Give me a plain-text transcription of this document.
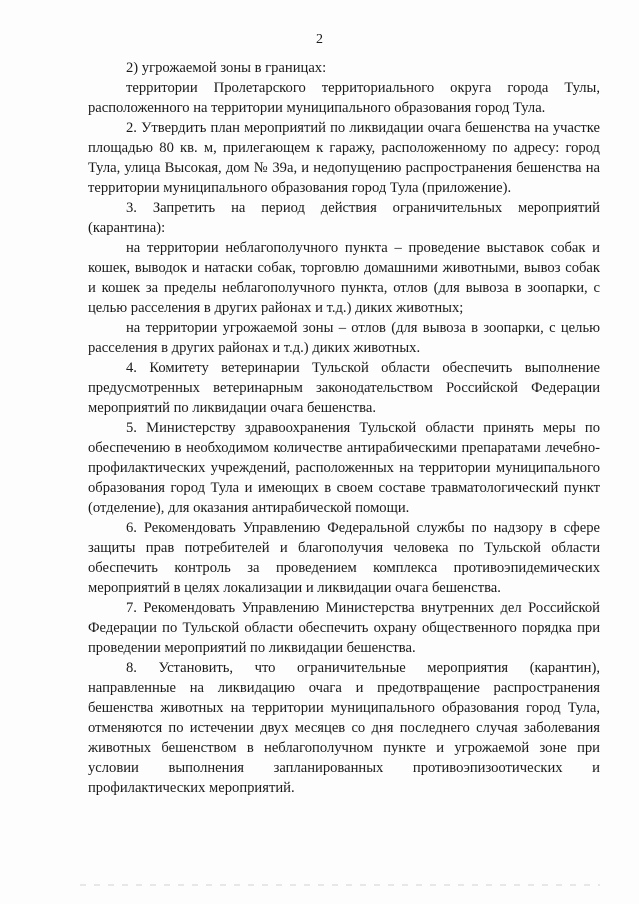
2

2) угрожаемой зоны в границах:

территории Пролетарского территориального округа города Тулы, расположенного на территории муниципального образования город Тула.

2. Утвердить план мероприятий по ликвидации очага бешенства на участке площадью 80 кв. м, прилегающем к гаражу, расположенному по адресу: город Тула, улица Высокая, дом № 39а, и недопущению распространения бешенства на территории муниципального образования город Тула (приложение).

3. Запретить на период действия ограничительных мероприятий (карантина):

на территории неблагополучного пункта – проведение выставок собак и кошек, выводок и натаски собак, торговлю домашними животными, вывоз собак и кошек за пределы неблагополучного пункта, отлов (для вывоза в зоопарки, с целью расселения в других районах и т.д.) диких животных;

на территории угрожаемой зоны – отлов (для вывоза в зоопарки, с целью расселения в других районах и т.д.) диких животных.

4. Комитету ветеринарии Тульской области обеспечить выполнение предусмотренных ветеринарным законодательством Российской Федерации мероприятий по ликвидации очага бешенства.

5. Министерству здравоохранения Тульской области принять меры по обеспечению в необходимом количестве антирабическими препаратами лечебно-профилактических учреждений, расположенных на территории муниципального образования город Тула и имеющих в своем составе травматологический пункт (отделение), для оказания антирабической помощи.

6. Рекомендовать Управлению Федеральной службы по надзору в сфере защиты прав потребителей и благополучия человека по Тульской области обеспечить контроль за проведением комплекса противоэпидемических мероприятий в целях локализации и ликвидации очага бешенства.

7. Рекомендовать Управлению Министерства внутренних дел Российской Федерации по Тульской области обеспечить охрану общественного порядка при проведении мероприятий по ликвидации бешенства.

8. Установить, что ограничительные мероприятия (карантин), направленные на ликвидацию очага и предотвращение распространения бешенства животных на территории муниципального образования город Тула, отменяются по истечении двух месяцев со дня последнего случая заболевания животных бешенством в неблагополучном пункте и угрожаемой зоне при условии выполнения запланированных противоэпизоотических и профилактических мероприятий.
